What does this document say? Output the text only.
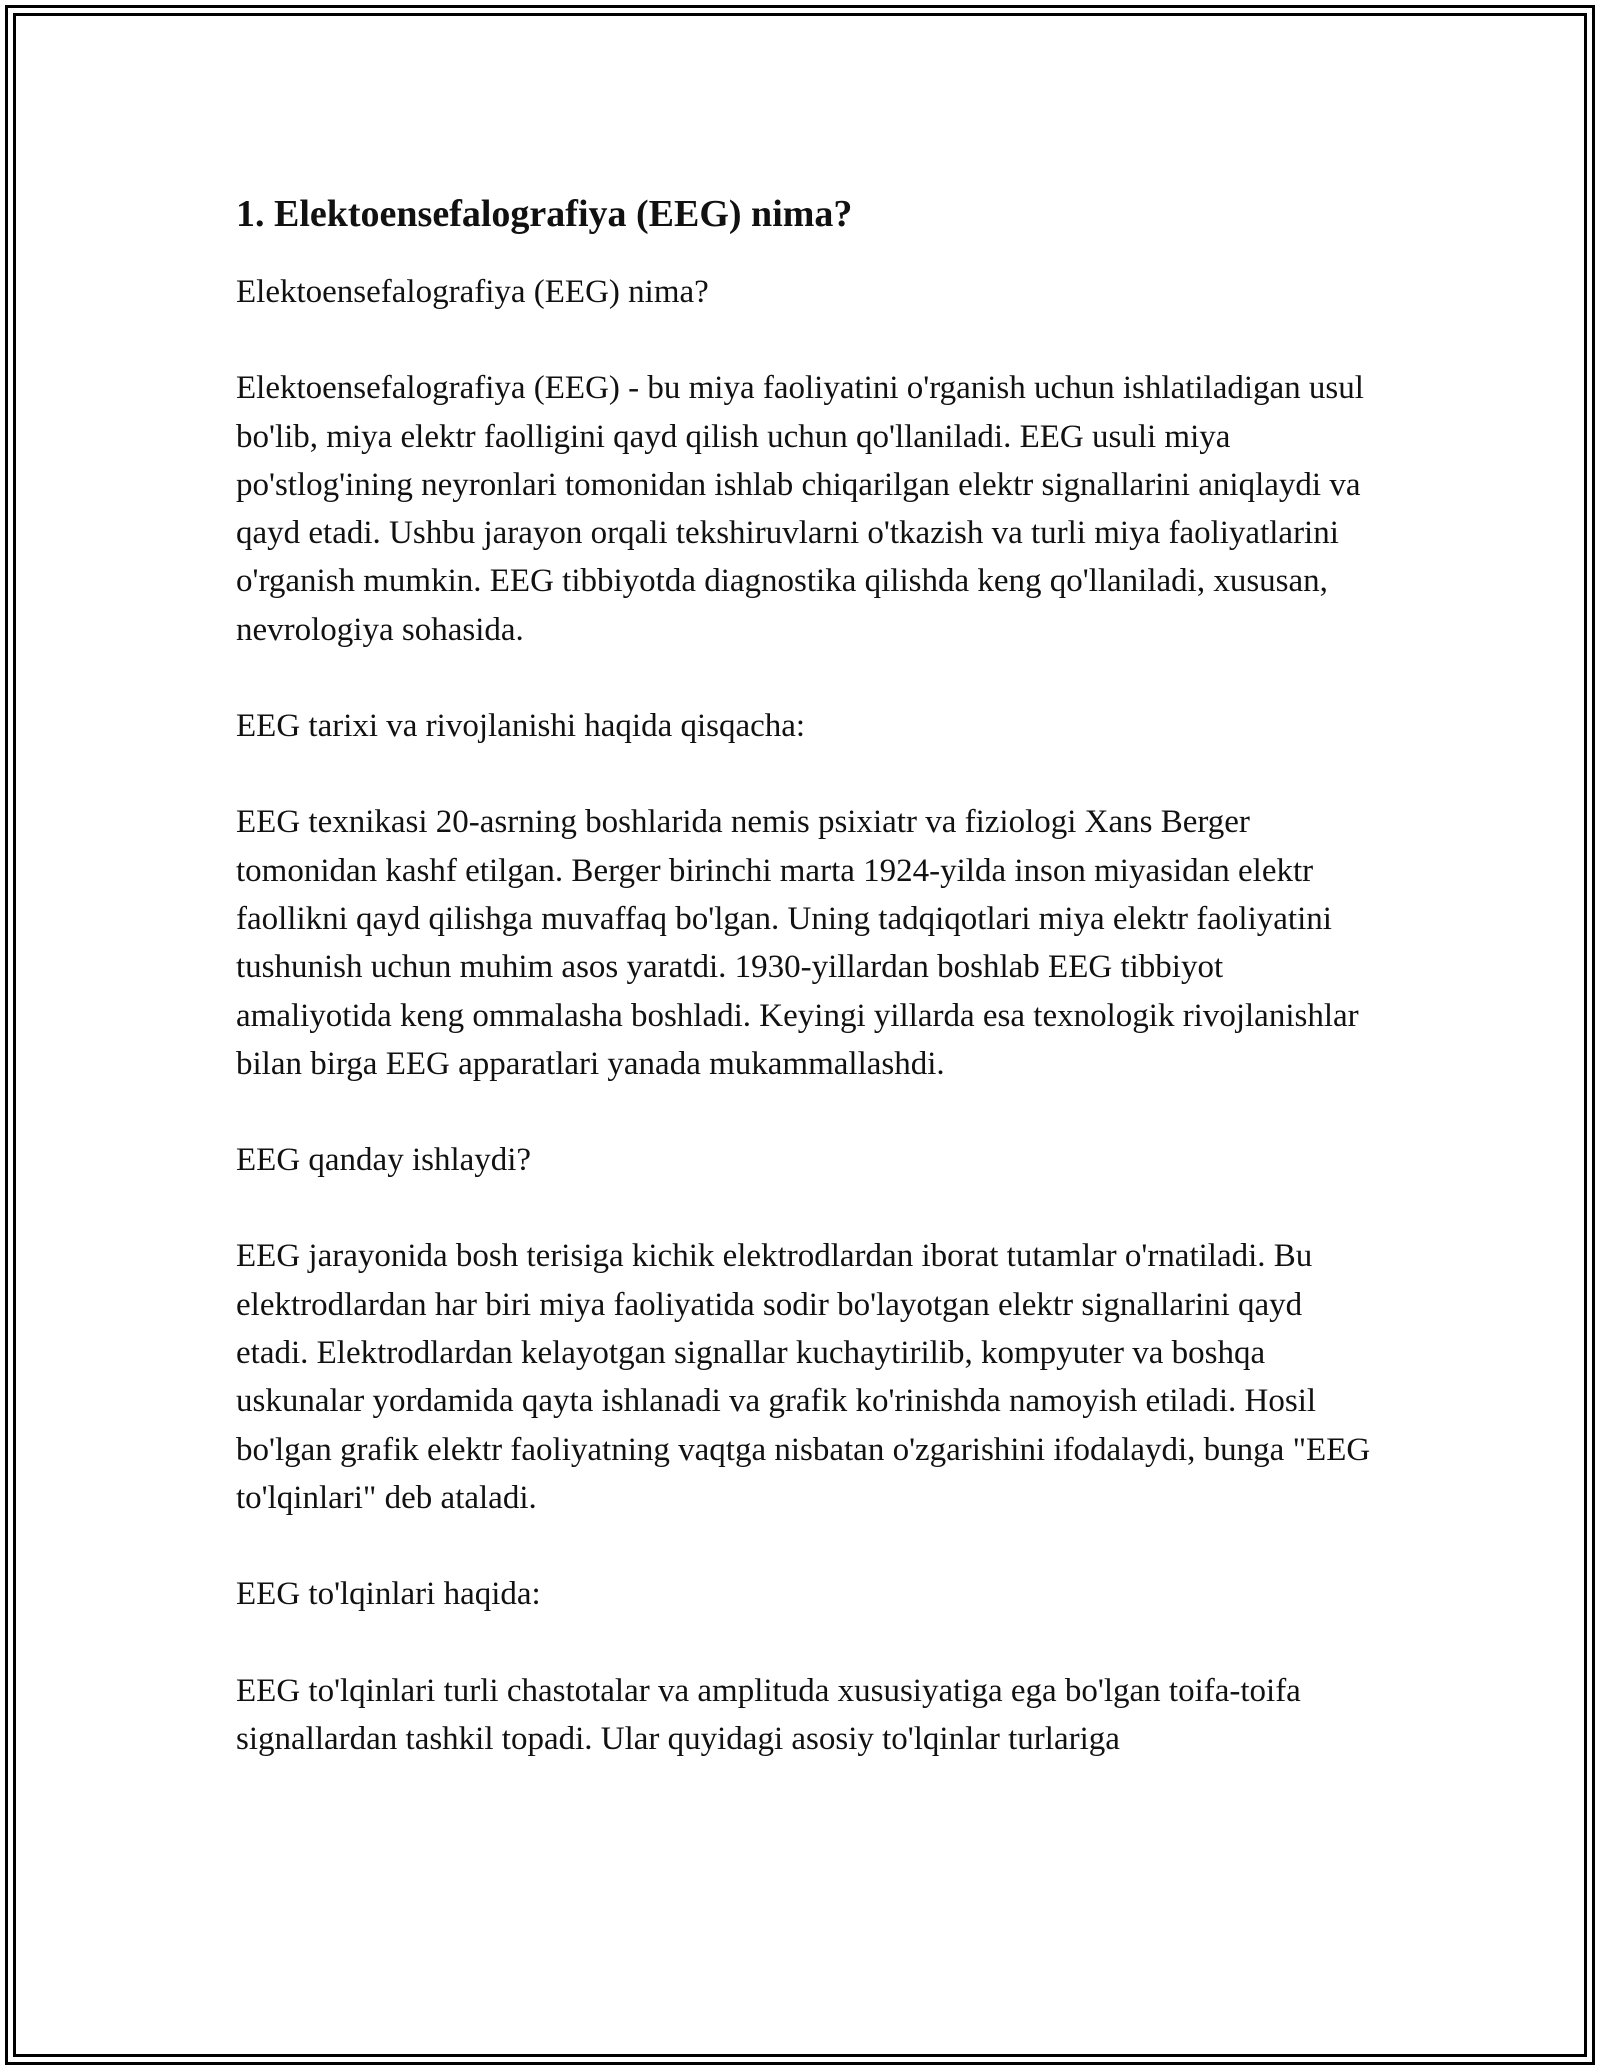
1. Elektoensefalografiya (EEG) nima?

Elektoensefalografiya (EEG) nima?

Elektoensefalografiya (EEG) - bu miya faoliyatini o'rganish uchun ishlatiladigan usul bo'lib, miya elektr faolligini qayd qilish uchun qo'llaniladi. EEG usuli miya po'stlog'ining neyronlari tomonidan ishlab chiqarilgan elektr signallarini aniqlaydi va qayd etadi. Ushbu jarayon orqali tekshiruvlarni o'tkazish va turli miya faoliyatlarini o'rganish mumkin. EEG tibbiyotda diagnostika qilishda keng qo'llaniladi, xususan, nevrologiya sohasida.

EEG tarixi va rivojlanishi haqida qisqacha:

EEG texnikasi 20-asrning boshlarida nemis psixiatr va fiziologi Xans Berger tomonidan kashf etilgan. Berger birinchi marta 1924-yilda inson miyasidan elektr faollikni qayd qilishga muvaffaq bo'lgan. Uning tadqiqotlari miya elektr faoliyatini tushunish uchun muhim asos yaratdi. 1930-yillardan boshlab EEG tibbiyot amaliyotida keng ommalasha boshladi. Keyingi yillarda esa texnologik rivojlanishlar bilan birga EEG apparatlari yanada mukammallashdi.

EEG qanday ishlaydi?

EEG jarayonida bosh terisiga kichik elektrodlardan iborat tutamlar o'rnatiladi. Bu elektrodlardan har biri miya faoliyatida sodir bo'layotgan elektr signallarini qayd etadi. Elektrodlardan kelayotgan signallar kuchaytirilib, kompyuter va boshqa uskunalar yordamida qayta ishlanadi va grafik ko'rinishda namoyish etiladi. Hosil bo'lgan grafik elektr faoliyatning vaqtga nisbatan o'zgarishini ifodalaydi, bunga "EEG to'lqinlari" deb ataladi.

EEG to'lqinlari haqida:

EEG to'lqinlari turli chastotalar va amplituda xususiyatiga ega bo'lgan toifa-toifa signallardan tashkil topadi. Ular quyidagi asosiy to'lqinlar turlariga
